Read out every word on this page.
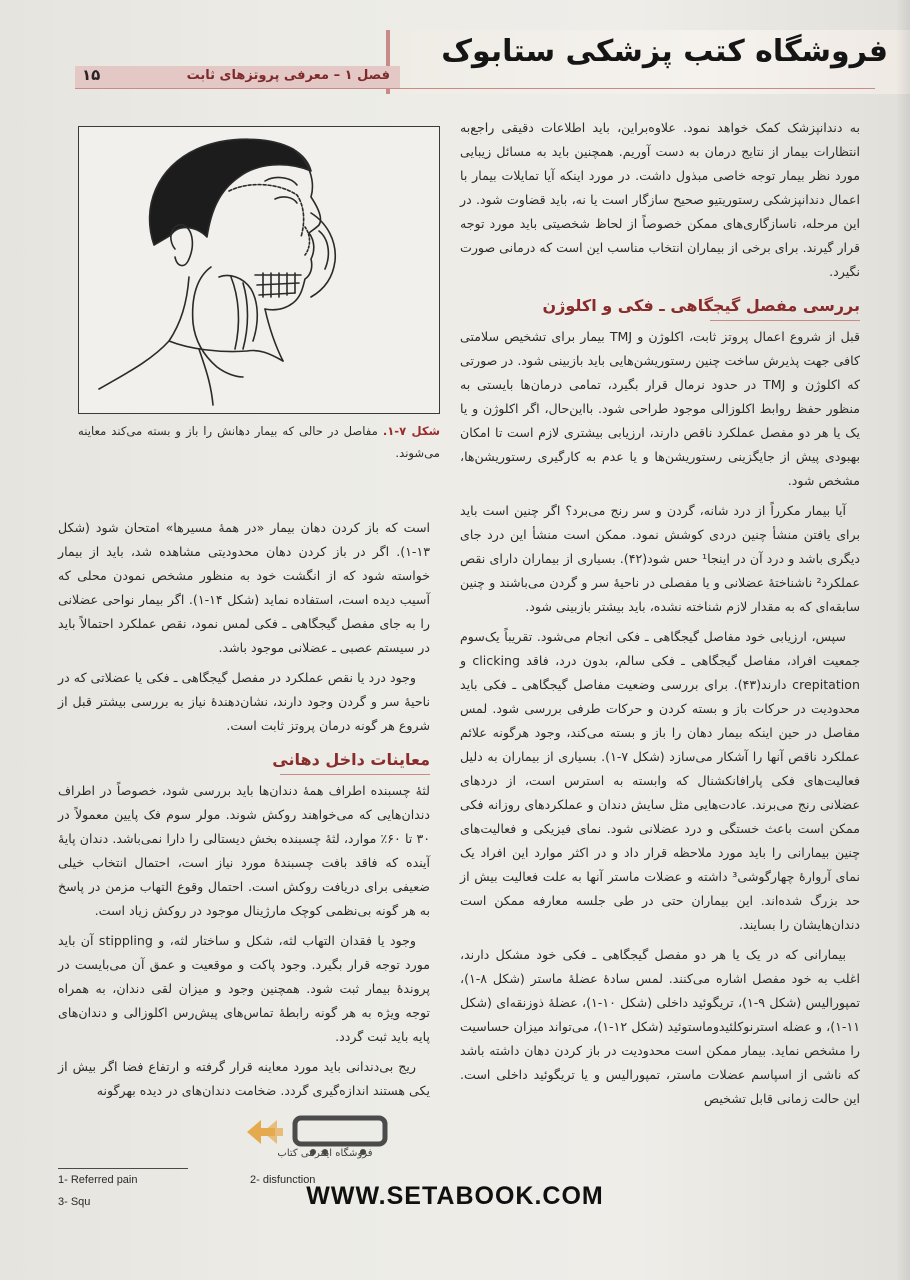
فروشگاه کتب پزشکی ستابوک
۱۵	فصل ۱ – معرفی پروتزهای ثابت
شکل ۷-۱. مفاصل در حالی که بیمار دهانش را باز و بسته می‌کند معاینه می‌شوند.

به دندانپزشک کمک خواهد نمود. علاوه‌براین، باید اطلاعات دقیقی راجع‌به انتظارات بیمار از نتایج درمان به دست آوریم. همچنین باید به مسائل زیبایی مورد نظر بیمار توجه خاصی مبذول داشت. در مورد اینکه آیا تمایلات بیمار با اعمال دندانپزشکی رستوریتیو صحیح سازگار است یا نه، باید قضاوت شود. در این مرحله، ناسازگاری‌های ممکن خصوصاً از لحاظ شخصیتی باید مورد توجه قرار گیرند. برای برخی از بیماران انتخاب مناسب این است که درمانی صورت نگیرد.

بررسی مفصل گیجگاهی ـ فکی و اکلوژن

قبل از شروع اعمال پروتز ثابت، اکلوژن و TMJ بیمار برای تشخیص سلامتی کافی جهت پذیرش ساخت چنین رستوریشن‌هایی باید بازبینی شود. در صورتی که اکلوژن و TMJ در حدود نرمال قرار بگیرد، تمامی درمان‌ها بایستی به منظور حفظ روابط اکلوزالی موجود طراحی شود. بااین‌حال، اگر اکلوژن و یا یک یا هر دو مفصل عملکرد ناقص دارند، ارزیابی بیشتری لازم است تا امکان بهبودی پیش از جایگزینی رستوریشن‌ها و یا عدم به کارگیری رستوریشن‌ها، مشخص شود.

آیا بیمار مکرراً از درد شانه، گردن و سر رنج می‌برد؟ اگر چنین است باید برای یافتن منشأ چنین دردی کوشش نمود. ممکن است منشأ این درد جای دیگری باشد و درد آن در اینجا¹ حس شود(۴۲). بسیاری از بیماران دارای نقص عملکرد² ناشناختهٔ عضلانی و یا مفصلی در ناحیهٔ سر و گردن می‌باشند و چنین سابقه‌ای که به مقدار لازم شناخته نشده، باید بیشتر بازبینی شود.

سپس، ارزیابی خود مفاصل گیجگاهی ـ فکی انجام می‌شود. تقریباً یک‌سوم جمعیت افراد، مفاصل گیجگاهی ـ فکی سالم، بدون درد، فاقد clicking و crepitation دارند(۴۳). برای بررسی وضعیت مفاصل گیجگاهی ـ فکی باید محدودیت در حرکات باز و بسته کردن و حرکات طرفی بررسی شود. لمس مفاصل در حین اینکه بیمار دهان را باز و بسته می‌کند، وجود هرگونه علائم عملکرد ناقص آنها را آشکار می‌سازد (شکل ۷-۱). بسیاری از بیماران به دلیل فعالیت‌های فکی پارافانکشنال که وابسته به استرس است، از دردهای عضلانی رنج می‌برند. عادت‌هایی مثل سایش دندان و عملکردهای روزانه فکی ممکن است باعث خستگی و درد عضلانی شود. نمای فیزیکی و فعالیت‌های چنین بیمارانی را باید مورد ملاحظه قرار داد و در اکثر موارد این افراد یک نمای آروارهٔ چهارگوشی³ داشته و عضلات ماستر آنها به علت فعالیت بیش از حد بزرگ شده‌اند. این بیماران حتی در طی جلسه معارفه ممکن است دندان‌هایشان را بسایند.

بیمارانی که در یک یا هر دو مفصل گیجگاهی ـ فکی خود مشکل دارند، اغلب به خود مفصل اشاره می‌کنند. لمس سادهٔ عضلهٔ ماستر (شکل ۸-۱)، تمپورالیس (شکل ۹-۱)، تریگوئید داخلی (شکل ۱۰-۱)، عضلهٔ ذوزنقه‌ای (شکل ۱۱-۱)، و عضله استرنوکلئیدوماستوئید (شکل ۱۲-۱)، می‌تواند میزان حساسیت را مشخص نماید. بیمار ممکن است محدودیت در باز کردن دهان داشته باشد که ناشی از اسپاسم عضلات ماستر، تمپورالیس و یا تریگوئید داخلی است. این حالت زمانی قابل تشخیص

است که باز کردن دهان بیمار «در همهٔ مسیرها» امتحان شود (شکل ۱۳-۱). اگر در باز کردن دهان محدودیتی مشاهده شد، باید از بیمار خواسته شود که از انگشت خود به منظور مشخص نمودن محلی که آسیب دیده است، استفاده نماید (شکل ۱۴-۱). اگر بیمار نواحی عضلانی را به جای مفصل گیجگاهی ـ فکی لمس نمود، نقص عملکرد احتمالاً باید در سیستم عصبی ـ عضلانی موجود باشد.

وجود درد یا نقص عملکرد در مفصل گیجگاهی ـ فکی یا عضلاتی که در ناحیهٔ سر و گردن وجود دارند، نشان‌دهندهٔ نیاز به بررسی بیشتر قبل از شروع هر گونه درمان پروتز ثابت است.

معاینات داخل دهانی

لثهٔ چسبنده اطراف همهٔ دندان‌ها باید بررسی شود، خصوصاً در اطراف دندان‌هایی که می‌خواهند روکش شوند. مولر سوم فک پایین معمولاً در ۳۰ تا ۶۰٪ موارد، لثهٔ چسبنده بخش دیستالی را دارا نمی‌باشد. دندان پایهٔ آینده که فاقد بافت چسبندهٔ مورد نیاز است، احتمال انتخاب خیلی ضعیفی برای دریافت روکش است. احتمال وقوع التهاب مزمن در پاسخ به هر گونه بی‌نظمی کوچک مارژینال موجود در روکش زیاد است.

وجود یا فقدان التهاب لثه، شکل و ساختار لثه، و stippling آن باید مورد توجه قرار بگیرد. وجود پاکت و موقعیت و عمق آن می‌بایست در پروندهٔ بیمار ثبت شود. همچنین وجود و میزان لقی دندان، به همراه توجه ویژه به هر گونه رابطهٔ تماس‌های پیش‌رس اکلوزالی و دندان‌های پایه باید ثبت گردد.

ریج بی‌دندانی باید مورد معاینه قرار گرفته و ارتفاع فضا اگر بیش از یکی هستند اندازه‌گیری گردد. ضخامت دندان‌های در دیده بهرگونه

فروشگاه اینترنتی کتاب
1- Referred pain	2- disfunction
3- Squ	WWW.SETABOOK.COM
